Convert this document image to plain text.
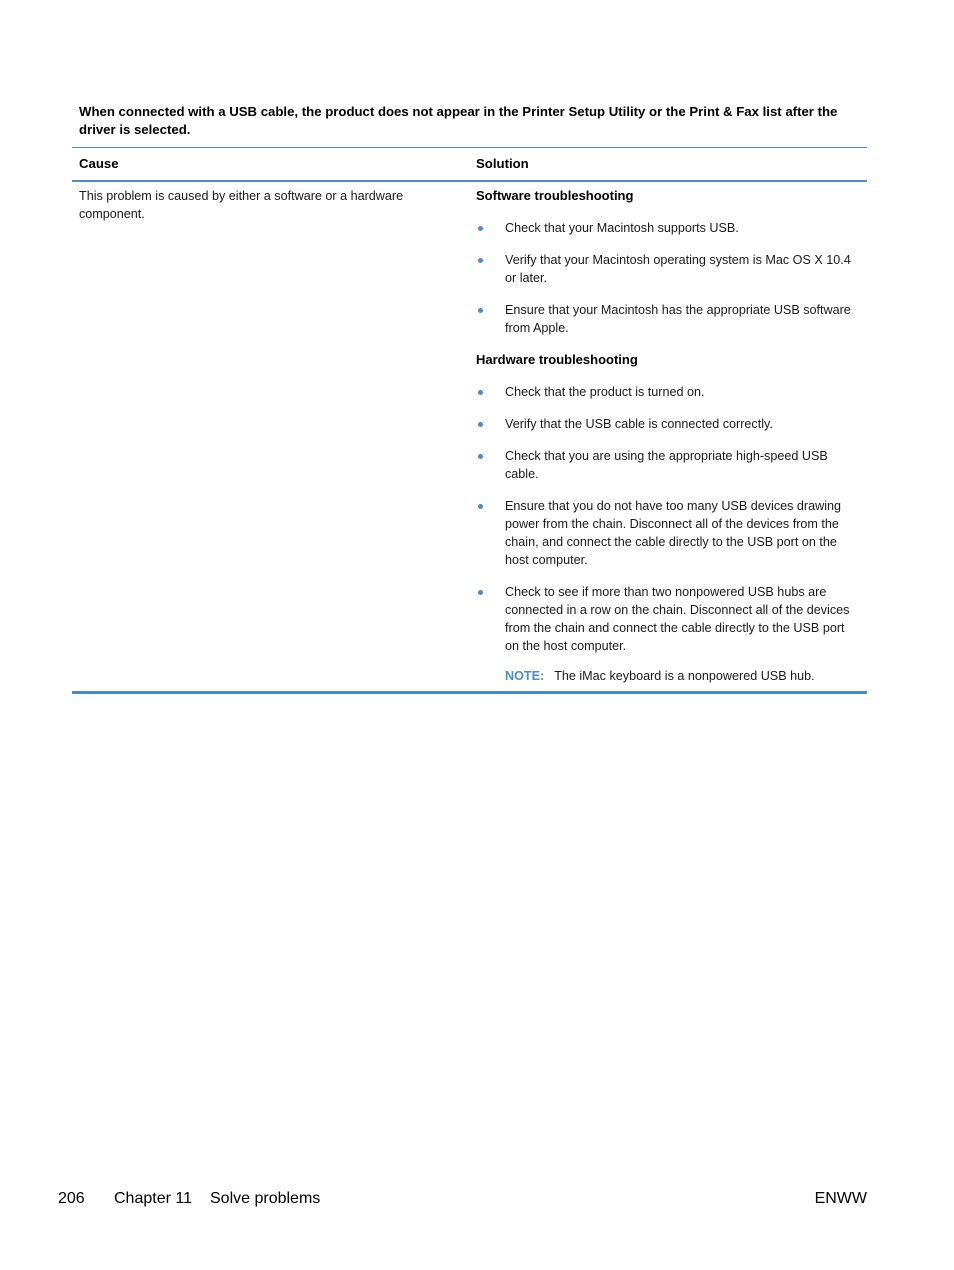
When connected with a USB cable, the product does not appear in the Printer Setup Utility or the Print & Fax list after the driver is selected.
Cause	Solution
This problem is caused by either a software or a hardware component.
Software troubleshooting
Check that your Macintosh supports USB.
Verify that your Macintosh operating system is Mac OS X 10.4 or later.
Ensure that your Macintosh has the appropriate USB software from Apple.
Hardware troubleshooting
Check that the product is turned on.
Verify that the USB cable is connected correctly.
Check that you are using the appropriate high-speed USB cable.
Ensure that you do not have too many USB devices drawing power from the chain. Disconnect all of the devices from the chain, and connect the cable directly to the USB port on the host computer.
Check to see if more than two nonpowered USB hubs are connected in a row on the chain. Disconnect all of the devices from the chain and connect the cable directly to the USB port on the host computer.
NOTE: The iMac keyboard is a nonpowered USB hub.
206 Chapter 11 Solve problems	ENWW
